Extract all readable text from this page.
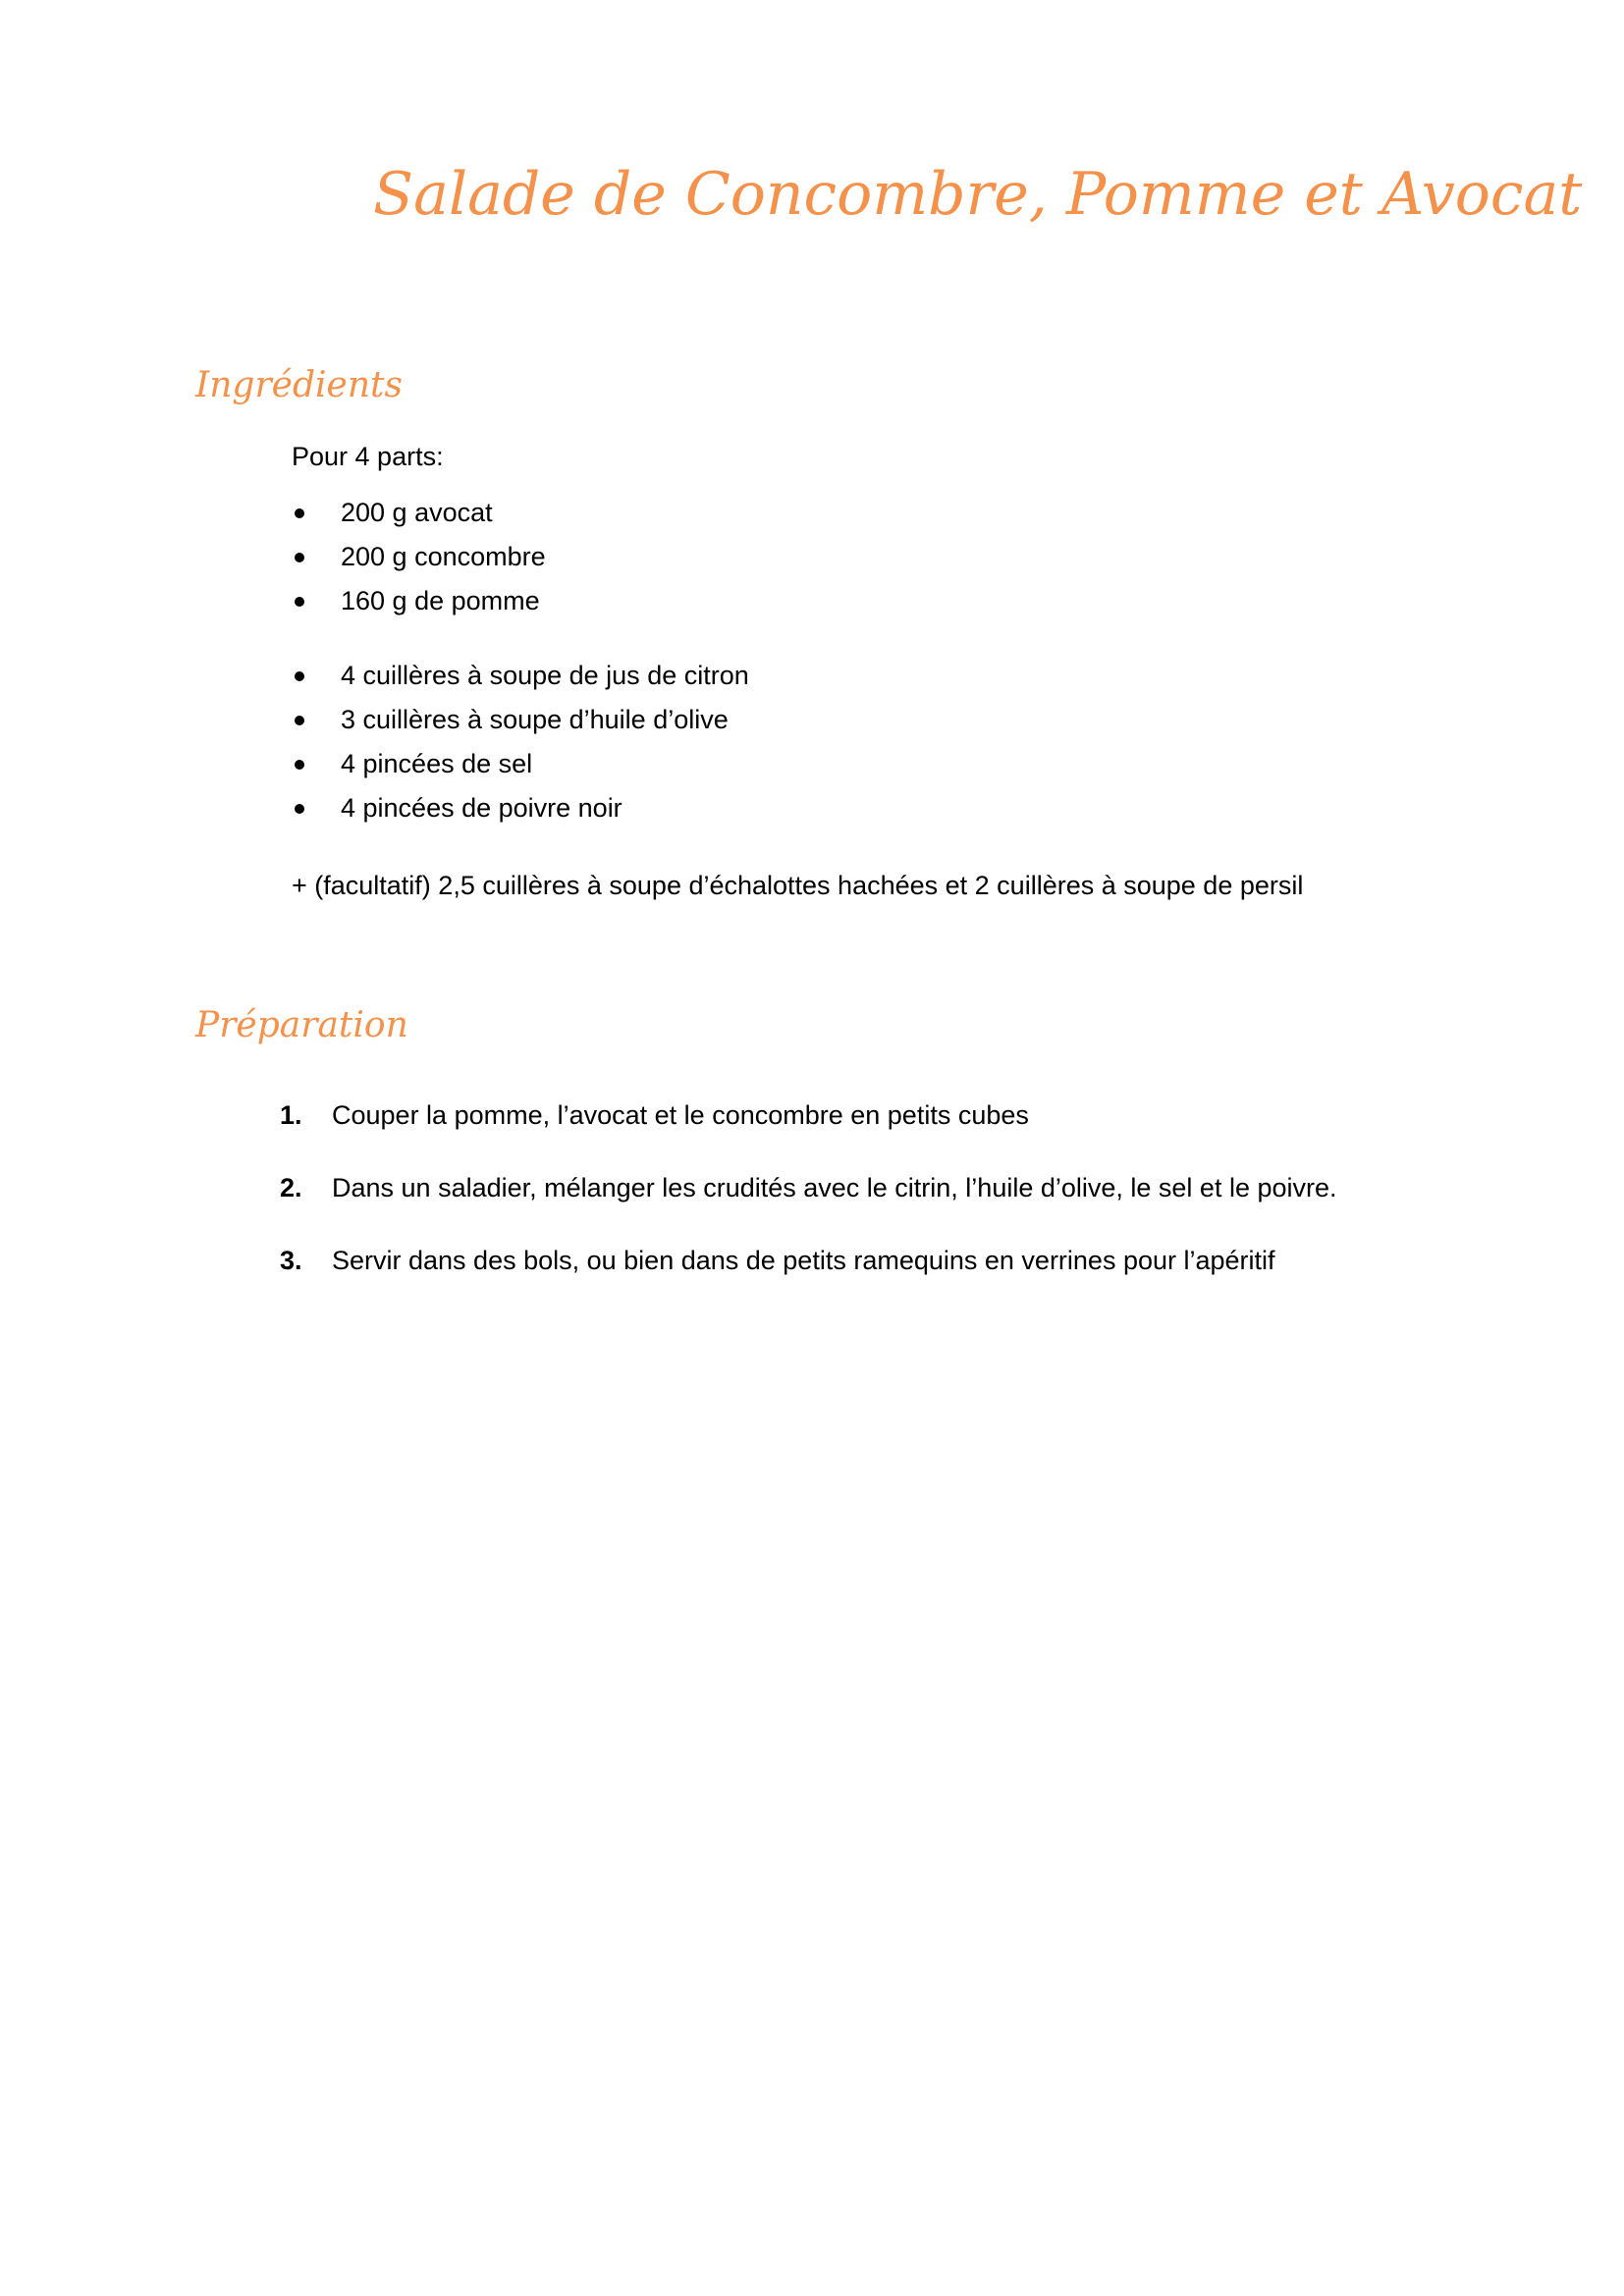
Salade de Concombre, Pomme et Avocat
Ingrédients
Pour 4 parts:
200 g avocat
200 g concombre
160 g de pomme
4 cuillères à soupe de jus de citron
3 cuillères à soupe d’huile d’olive
4 pincées de sel
4 pincées de poivre noir
+ (facultatif) 2,5 cuillères à soupe d’échalottes hachées et 2 cuillères à soupe de persil
Préparation
1. Couper la pomme, l’avocat et le concombre en petits cubes
2. Dans un saladier, mélanger les crudités avec le citrin, l’huile d’olive, le sel et le poivre.
3. Servir dans des bols, ou bien dans de petits ramequins en verrines pour l’apéritif
